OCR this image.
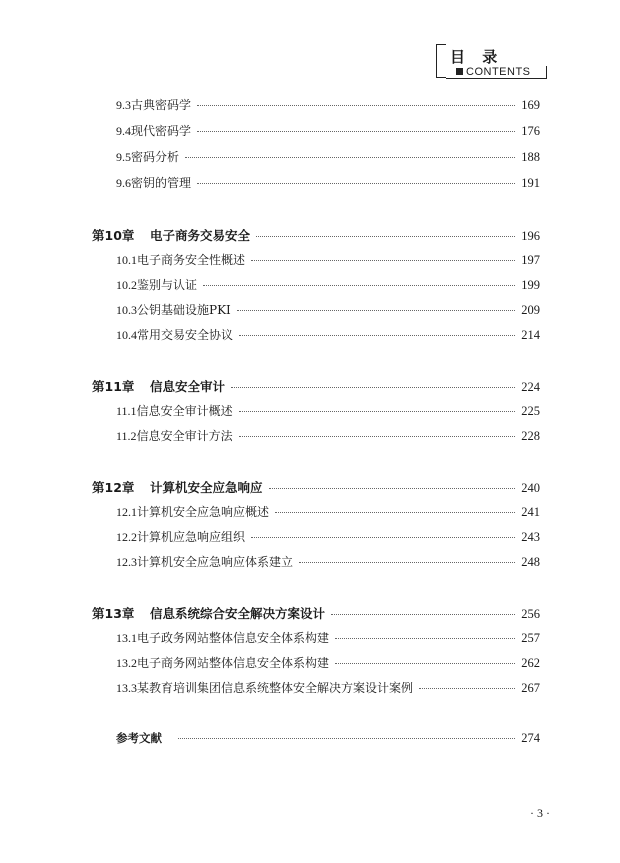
目 录
CONTENTS
9.3 古典密码学	169
9.4 现代密码学	176
9.5 密码分析	188
9.6 密钥的管理	191
第10章	电子商务交易安全	196
10.1 电子商务安全性概述	197
10.2 鉴别与认证	199
10.3 公钥基础设施PKI	209
10.4 常用交易安全协议	214
第11章	信息安全审计	224
11.1 信息安全审计概述	225
11.2 信息安全审计方法	228
第12章	计算机安全应急响应	240
12.1 计算机安全应急响应概述	241
12.2 计算机应急响应组织	243
12.3 计算机安全应急响应体系建立	248
第13章	信息系统综合安全解决方案设计	256
13.1 电子政务网站整体信息安全体系构建	257
13.2 电子商务网站整体信息安全体系构建	262
13.3 某教育培训集团信息系统整体安全解决方案设计案例	267
参考文献	274
· 3 ·
